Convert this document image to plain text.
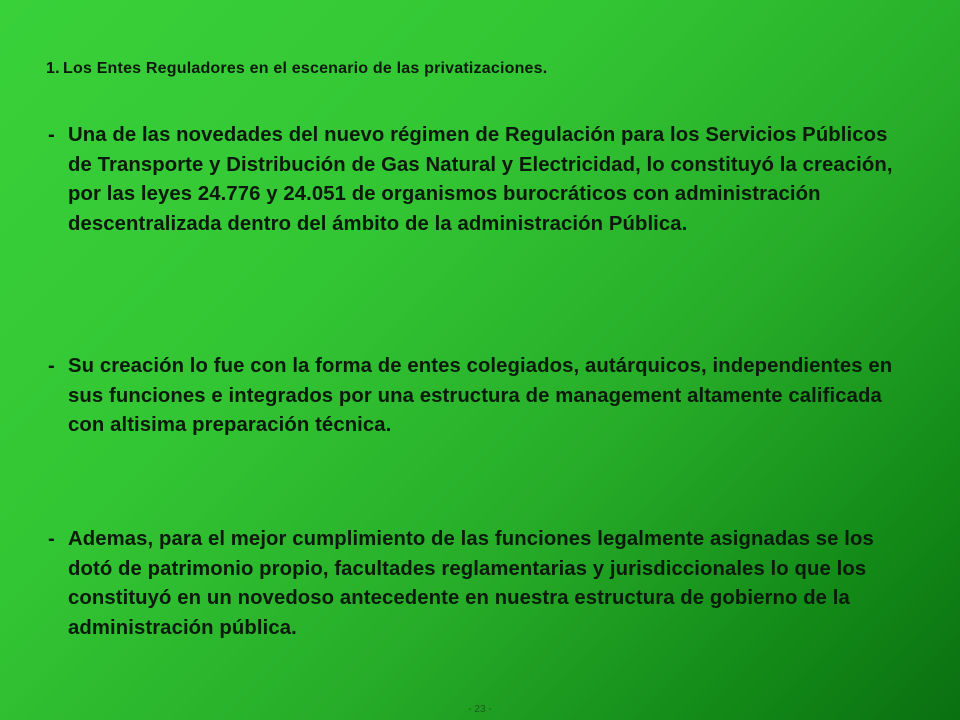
1. Los Entes Reguladores en el escenario de las privatizaciones.
- Una de las novedades del nuevo régimen de Regulación para los Servicios Públicos de Transporte y Distribución de Gas Natural y Electricidad, lo constituyó la creación, por las leyes 24.776 y 24.051 de organismos burocráticos con administración descentralizada dentro del ámbito de la administración Pública.
- Su creación lo fue con la forma de entes colegiados, autárquicos, independientes en sus funciones e integrados por una estructura de management altamente calificada con altisima preparación técnica.
- Ademas, para el mejor cumplimiento de las funciones legalmente asignadas se los dotó de patrimonio propio, facultades reglamentarias y jurisdiccionales lo que los constituyó en un novedoso antecedente en nuestra estructura de gobierno de la administración pública.
- 23 -
